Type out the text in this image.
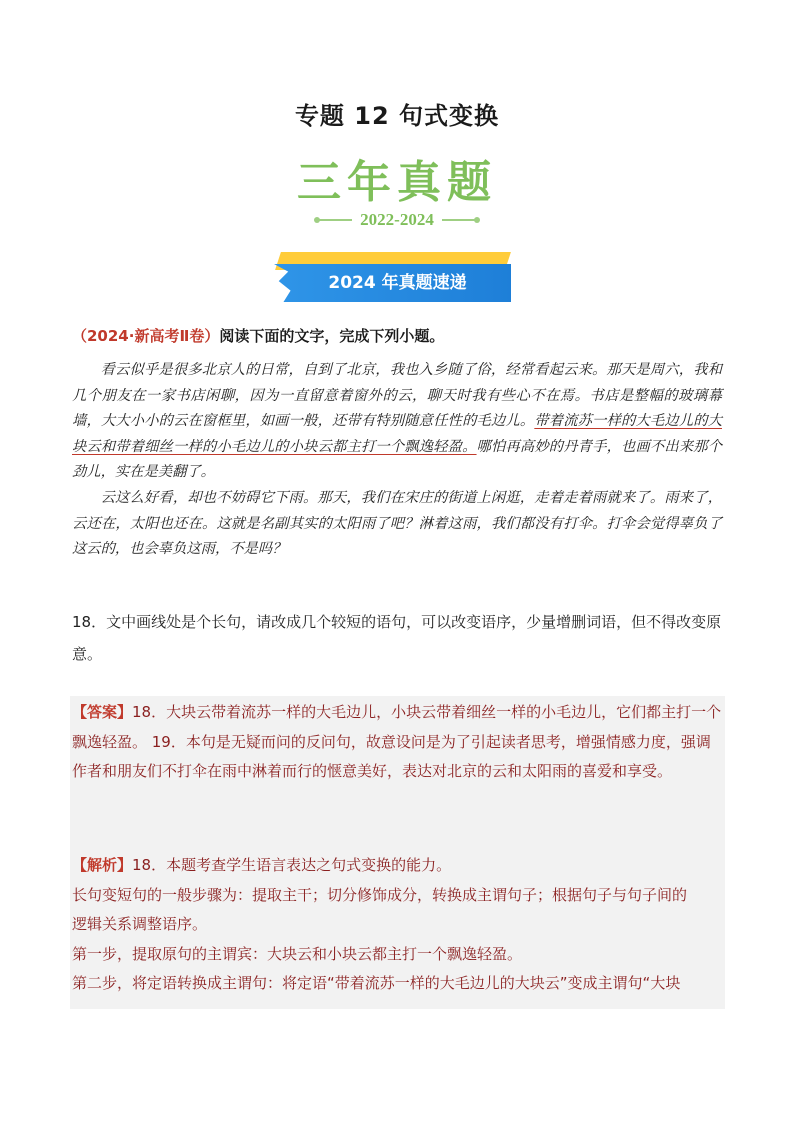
专题 12 句式变换
三年真题
2022-2024
2024 年真题速递
（2024·新高考Ⅱ卷）阅读下面的文字，完成下列小题。

看云似乎是很多北京人的日常，自到了北京，我也入乡随了俗，经常看起云来。那天是周六，我和几个朋友在一家书店闲聊，因为一直留意着窗外的云，聊天时我有些心不在焉。书店是整幅的玻璃幕墙，大大小小的云在窗框里，如画一般，还带有特别随意任性的毛边儿。带着流苏一样的大毛边儿的大块云和带着细丝一样的小毛边儿的小块云都主打一个飘逸轻盈。哪怕再高妙的丹青手，也画不出来那个劲儿，实在是美翻了。

云这么好看，却也不妨碍它下雨。那天，我们在宋庄的街道上闲逛，走着走着雨就来了。雨来了，云还在，太阳也还在。这就是名副其实的太阳雨了吧？淋着这雨，我们都没有打伞。打伞会觉得辜负了这云的，也会辜负这雨，不是吗？

18．文中画线处是个长句，请改成几个较短的语句，可以改变语序，少量增删词语，但不得改变原意。
【答案】18．大块云带着流苏一样的大毛边儿，小块云带着细丝一样的小毛边儿，它们都主打一个飘逸轻盈。 19．本句是无疑而问的反问句，故意设问是为了引起读者思考，增强情感力度，强调作者和朋友们不打伞在雨中淋着而行的惬意美好，表达对北京的云和太阳雨的喜爱和享受。
【解析】18．本题考查学生语言表达之句式变换的能力。
长句变短句的一般步骤为：提取主干；切分修饰成分，转换成主谓句子；根据句子与句子间的
逻辑关系调整语序。
第一步，提取原句的主谓宾：大块云和小块云都主打一个飘逸轻盈。
第二步，将定语转换成主谓句：将定语“带着流苏一样的大毛边儿的大块云”变成主谓句“大块
